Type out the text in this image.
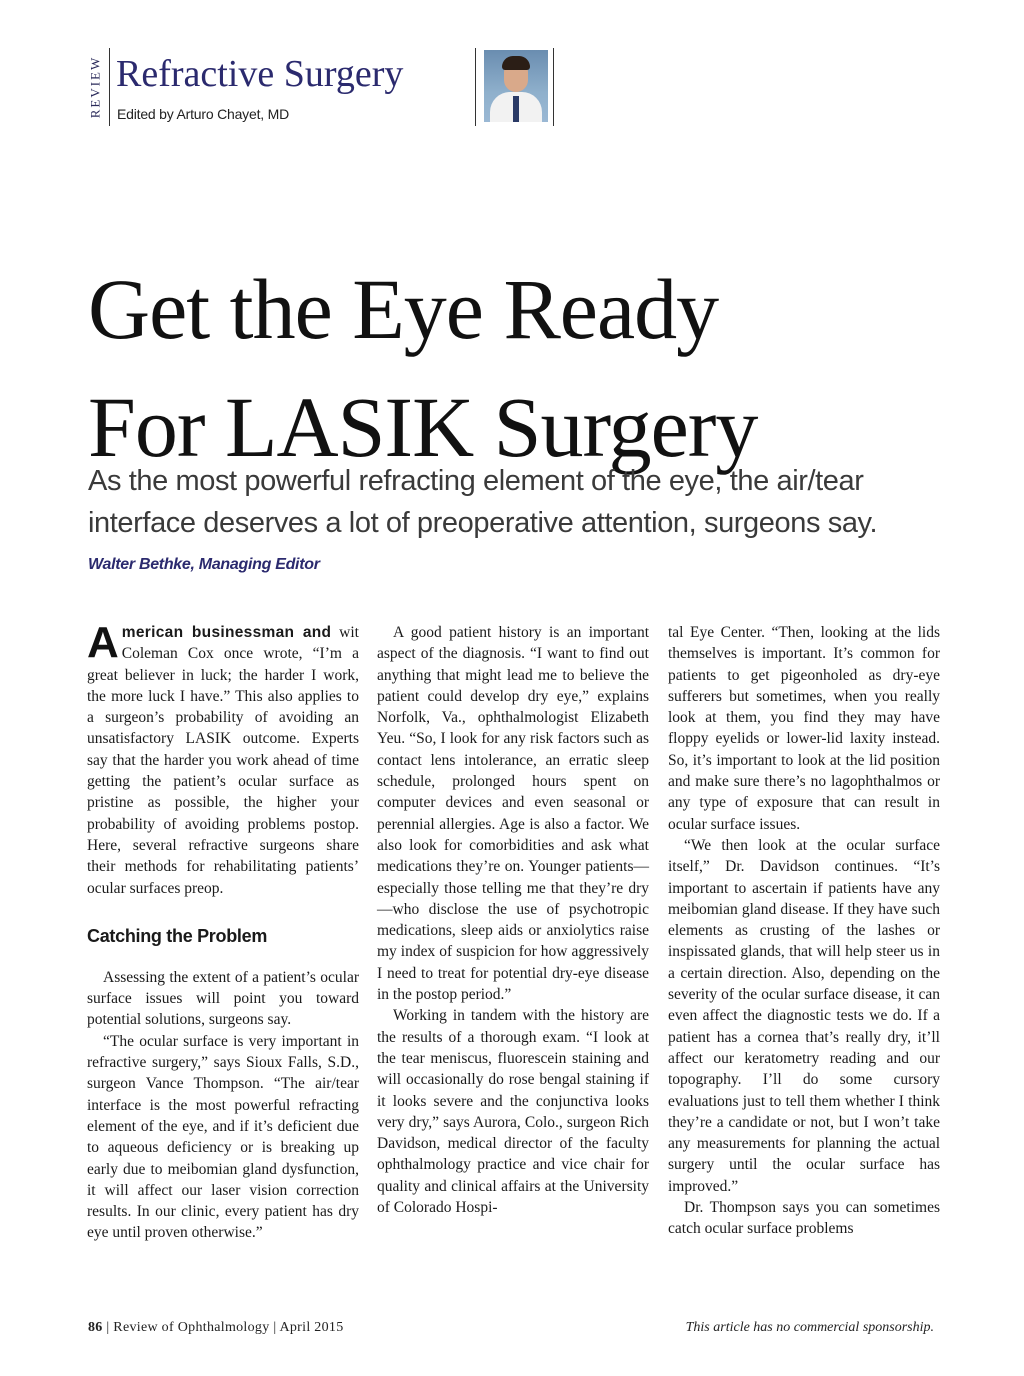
REVIEW Refractive Surgery
Edited by Arturo Chayet, MD
Get the Eye Ready
For LASIK Surgery

As the most powerful refracting element of the eye, the air/tear interface deserves a lot of preoperative attention, surgeons say.

Walter Bethke, Managing Editor

American businessman and wit Coleman Cox once wrote, “I’m a great believer in luck; the harder I work, the more luck I have.” This also applies to a surgeon’s probability of avoiding an unsatisfactory LASIK outcome. Experts say that the harder you work ahead of time getting the patient’s ocular surface as pristine as possible, the higher your probability of avoiding problems postop. Here, several refractive surgeons share their methods for rehabilitating patients’ ocular surfaces preop.

Catching the Problem

Assessing the extent of a patient’s ocular surface issues will point you toward potential solutions, surgeons say.

“The ocular surface is very important in refractive surgery,” says Sioux Falls, S.D., surgeon Vance Thompson. “The air/tear interface is the most powerful refracting element of the eye, and if it’s deficient due to aqueous deficiency or is breaking up early due to meibomian gland dysfunction, it will affect our laser vision correction results. In our clinic, every patient has dry eye until proven otherwise.”

A good patient history is an important aspect of the diagnosis. “I want to find out anything that might lead me to believe the patient could develop dry eye,” explains Norfolk, Va., ophthalmologist Elizabeth Yeu. “So, I look for any risk factors such as contact lens intolerance, an erratic sleep schedule, prolonged hours spent on computer devices and even seasonal or perennial allergies. Age is also a factor. We also look for comorbidities and ask what medications they’re on. Younger patients—especially those telling me that they’re dry—who disclose the use of psychotropic medications, sleep aids or anxiolytics raise my index of suspicion for how aggressively I need to treat for potential dry-eye disease in the postop period.”

Working in tandem with the history are the results of a thorough exam. “I look at the tear meniscus, fluorescein staining and will occasionally do rose bengal staining if it looks severe and the conjunctiva looks very dry,” says Aurora, Colo., surgeon Rich Davidson, medical director of the faculty ophthalmology practice and vice chair for quality and clinical affairs at the University of Colorado Hospi-

tal Eye Center. “Then, looking at the lids themselves is important. It’s common for patients to get pigeonholed as dry-eye sufferers but sometimes, when you really look at them, you find they may have floppy eyelids or lower-lid laxity instead. So, it’s important to look at the lid position and make sure there’s no lagophthalmos or any type of exposure that can result in ocular surface issues.

“We then look at the ocular surface itself,” Dr. Davidson continues. “It’s important to ascertain if patients have any meibomian gland disease. If they have such elements as crusting of the lashes or inspissated glands, that will help steer us in a certain direction. Also, depending on the severity of the ocular surface disease, it can even affect the diagnostic tests we do. If a patient has a cornea that’s really dry, it’ll affect our keratometry reading and our topography. I’ll do some cursory evaluations just to tell them whether I think they’re a candidate or not, but I won’t take any measurements for planning the actual surgery until the ocular surface has improved.”

Dr. Thompson says you can sometimes catch ocular surface problems

86 | Review of Ophthalmology | April 2015	This article has no commercial sponsorship.
